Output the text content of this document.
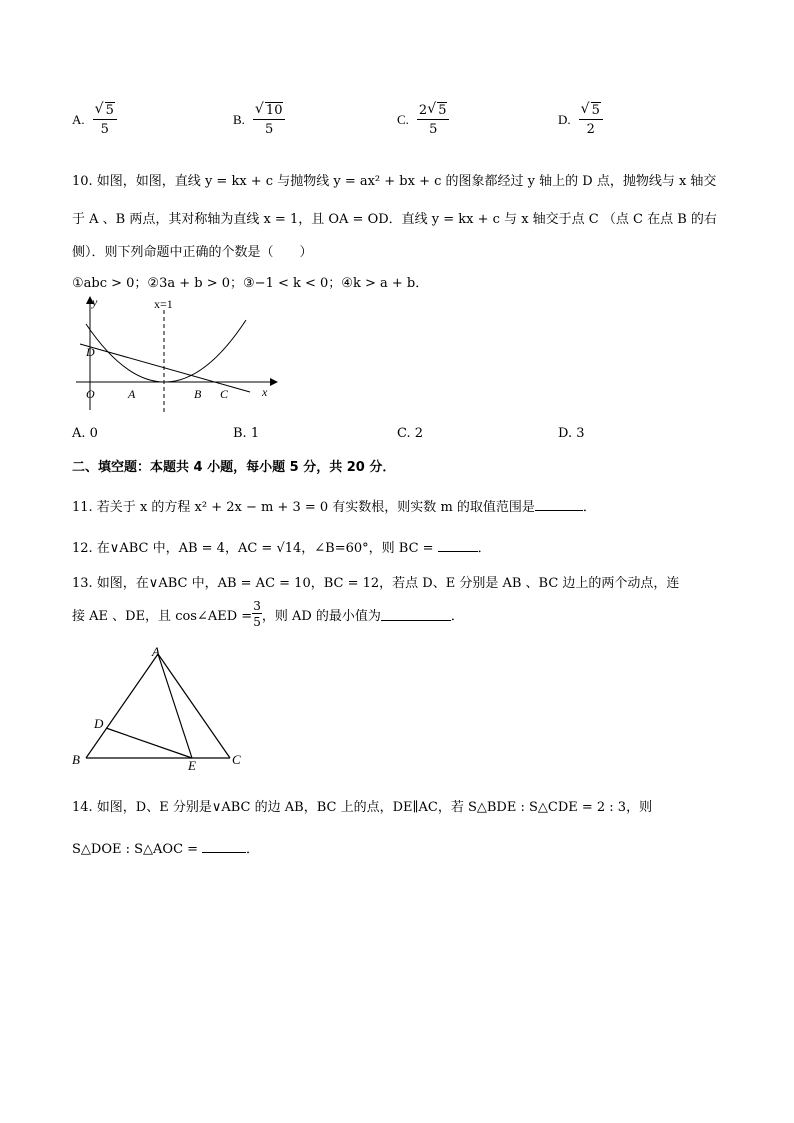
A. √ $\frac{5}{5}$	B. √ $\frac{10}{5}$	C. $\frac{2 √ 5}{5}$	D. √ $\frac{5}{2}$
10. 如图，如图，直线 y = kx + c 与抛物线 y = ax² + bx + c 的图象都经过 y 轴上的 D 点，抛物线与 x 轴交
于 A 、B 两点，其对称轴为直线 x = 1，且 OA = OD．直线 y = kx + c 与 x 轴交于点 C （点 C 在点 B 的右
侧）．则下列命题中正确的个数是（　　）
①abc > 0；②3a + b > 0；③−1 < k < 0；④k > a + b．
y
x
x=1
O	A	B C
D
A. 0	B. 1	C. 2	D. 3
二、填空题：本题共 4 小题，每小题 5 分，共 20 分．
11. 若关于 x 的方程 x² + 2x − m + 3 = 0 有实数根，则实数 m 的取值范围是	．
12. 在∨ABC 中，AB = 4，AC = √14，∠B=60°，则 BC =	．
13. 如图，在∨ABC 中，AB = AC = 10，BC = 12，若点 D、E 分别是 AB 、BC 边上的两个动点，连
接 AE 、DE，且 cos∠AED = $\frac{3}{5}$ ，则 AD 的最小值为	．
A
B	C
D
E
14. 如图，D、E 分别是∨ABC 的边 AB，BC 上的点，DE∥AC，若 S△BDE : S△CDE = 2 : 3，则
S△DOE : S△AOC =	．
